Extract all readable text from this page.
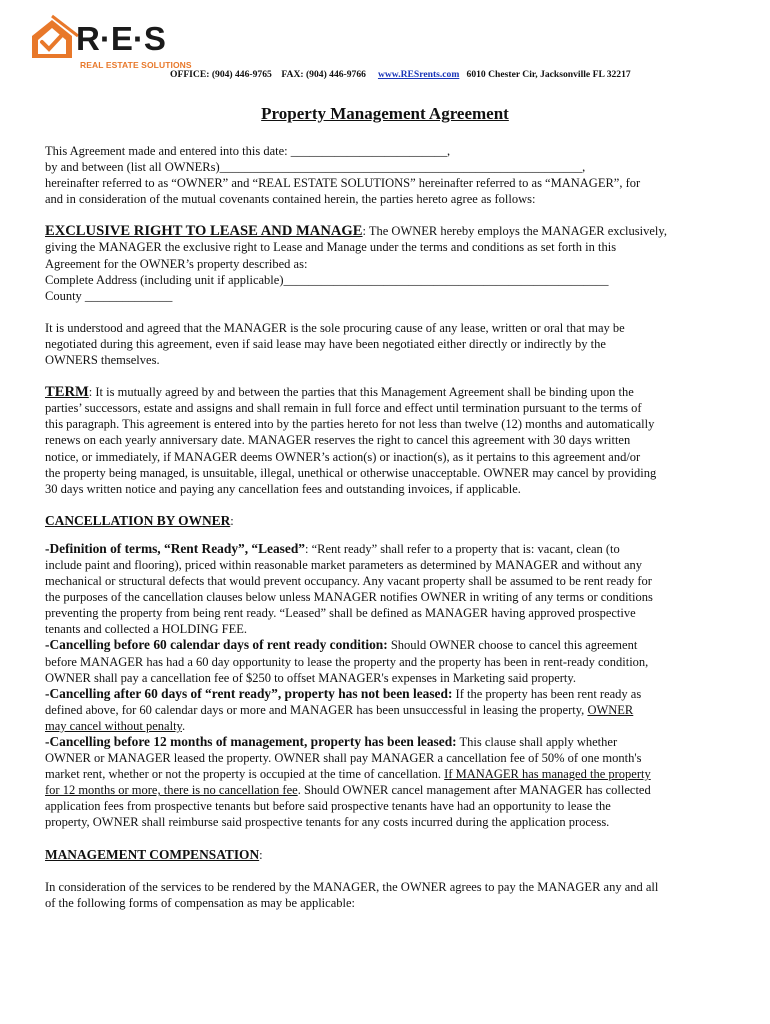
R·E·S
REAL ESTATE SOLUTIONS
OFFICE: (904) 446-9765 FAX: (904) 446-9766 www.RESrents.com 6010 Chester Cir, Jacksonville FL 32217
Property Management Agreement

This Agreement made and entered into this date: _________________________,
by and between (list all OWNERs)__________________________________________________________,
hereinafter referred to as “OWNER” and “REAL ESTATE SOLUTIONS” hereinafter referred to as “MANAGER”, for
and in consideration of the mutual covenants contained herein, the parties hereto agree as follows:

EXCLUSIVE RIGHT TO LEASE AND MANAGE: The OWNER hereby employs the MANAGER exclusively,
giving the MANAGER the exclusive right to Lease and Manage under the terms and conditions as set forth in this
Agreement for the OWNER’s property described as:
Complete Address (including unit if applicable)____________________________________________________
County ______________

It is understood and agreed that the MANAGER is the sole procuring cause of any lease, written or oral that may be
negotiated during this agreement, even if said lease may have been negotiated either directly or indirectly by the
OWNERS themselves.

TERM: It is mutually agreed by and between the parties that this Management Agreement shall be binding upon the
parties’ successors, estate and assigns and shall remain in full force and effect until termination pursuant to the terms of
this paragraph. This agreement is entered into by the parties hereto for not less than twelve (12) months and automatically
renews on each yearly anniversary date. MANAGER reserves the right to cancel this agreement with 30 days written
notice, or immediately, if MANAGER deems OWNER’s action(s) or inaction(s), as it pertains to this agreement and/or
the property being managed, is unsuitable, illegal, unethical or otherwise unacceptable. OWNER may cancel by providing
30 days written notice and paying any cancellation fees and outstanding invoices, if applicable.

CANCELLATION BY OWNER:

-Definition of terms, “Rent Ready”, “Leased”: “Rent ready” shall refer to a property that is: vacant, clean (to
include paint and flooring), priced within reasonable market parameters as determined by MANAGER and without any
mechanical or structural defects that would prevent occupancy. Any vacant property shall be assumed to be rent ready for
the purposes of the cancellation clauses below unless MANAGER notifies OWNER in writing of any terms or conditions
preventing the property from being rent ready. “Leased” shall be defined as MANAGER having approved prospective
tenants and collected a HOLDING FEE.
-Cancelling before 60 calendar days of rent ready condition: Should OWNER choose to cancel this agreement
before MANAGER has had a 60 day opportunity to lease the property and the property has been in rent-ready condition,
OWNER shall pay a cancellation fee of $250 to offset MANAGER's expenses in Marketing said property.
-Cancelling after 60 days of “rent ready”, property has not been leased: If the property has been rent ready as
defined above, for 60 calendar days or more and MANAGER has been unsuccessful in leasing the property, OWNER
may cancel without penalty.
-Cancelling before 12 months of management, property has been leased: This clause shall apply whether
OWNER or MANAGER leased the property. OWNER shall pay MANAGER a cancellation fee of 50% of one month's
market rent, whether or not the property is occupied at the time of cancellation. If MANAGER has managed the property
for 12 months or more, there is no cancellation fee. Should OWNER cancel management after MANAGER has collected
application fees from prospective tenants but before said prospective tenants have had an opportunity to lease the
property, OWNER shall reimburse said prospective tenants for any costs incurred during the application process.

MANAGEMENT COMPENSATION:

In consideration of the services to be rendered by the MANAGER, the OWNER agrees to pay the MANAGER any and all
of the following forms of compensation as may be applicable:
